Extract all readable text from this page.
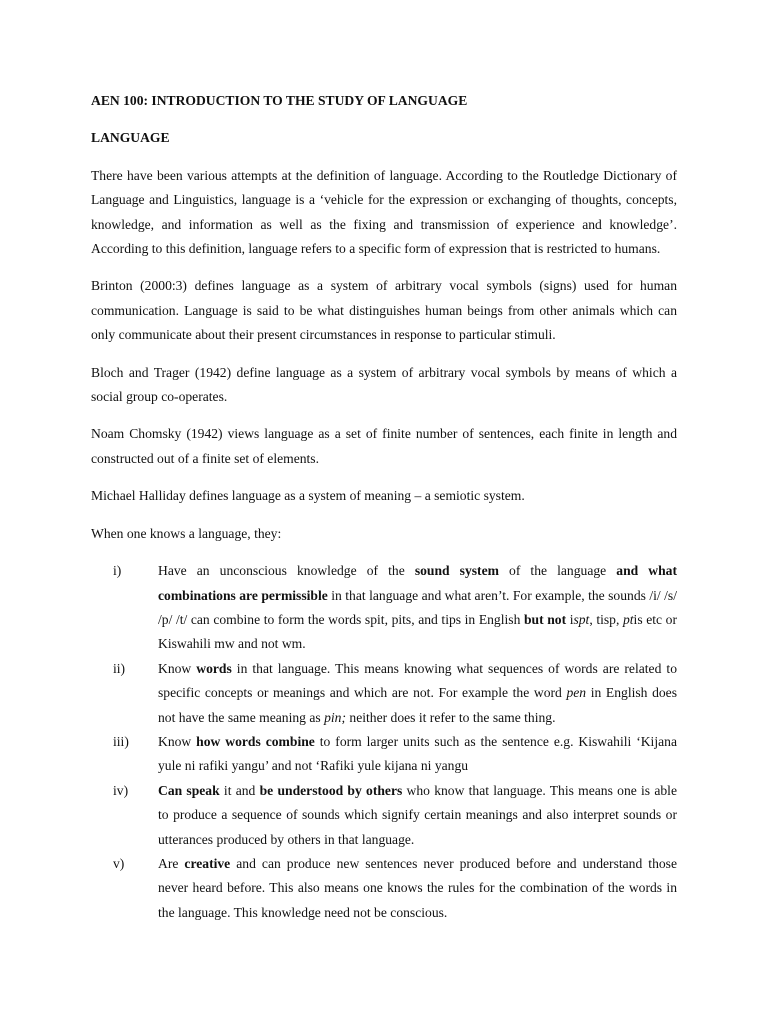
AEN 100: INTRODUCTION TO THE STUDY OF LANGUAGE
LANGUAGE

There have been various attempts at the definition of language. According to the Routledge Dictionary of Language and Linguistics, language is a ‘vehicle for the expression or exchanging of thoughts, concepts, knowledge, and information as well as the fixing and transmission of experience and knowledge’. According to this definition, language refers to a specific form of expression that is restricted to humans.

Brinton (2000:3) defines language as a system of arbitrary vocal symbols (signs) used for human communication. Language is said to be what distinguishes human beings from other animals which can only communicate about their present circumstances in response to particular stimuli.

Bloch and Trager (1942) define language as a system of arbitrary vocal symbols by means of which a social group co-operates.

Noam Chomsky (1942) views language as a set of finite number of sentences, each finite in length and constructed out of a finite set of elements.

Michael Halliday defines language as a system of meaning – a semiotic system.

When one knows a language, they:

i)	Have an unconscious knowledge of the sound system of the language and what combinations are permissible in that language and what aren’t. For example, the sounds /i/ /s/ /p/ /t/ can combine to form the words spit, pits, and tips in English but not ispt, tisp, ptis etc or Kiswahili mw and not wm.
ii)	Know words in that language. This means knowing what sequences of words are related to specific concepts or meanings and which are not. For example the word pen in English does not have the same meaning as pin; neither does it refer to the same thing.
iii)	Know how words combine to form larger units such as the sentence e.g. Kiswahili ‘Kijana yule ni rafiki yangu’ and not ‘Rafiki yule kijana ni yangu
iv)	Can speak it and be understood by others who know that language. This means one is able to produce a sequence of sounds which signify certain meanings and also interpret sounds or utterances produced by others in that language.
v)	Are creative and can produce new sentences never produced before and understand those never heard before. This also means one knows the rules for the combination of the words in the language. This knowledge need not be conscious.
